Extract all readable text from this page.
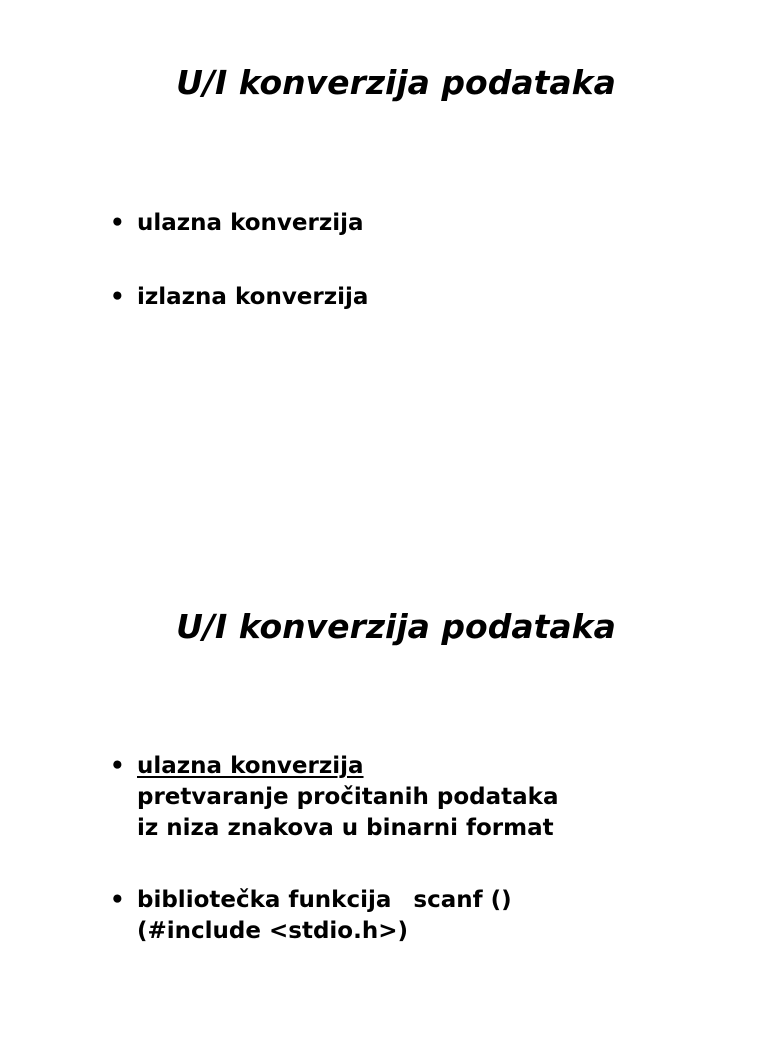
U/I konverzija podataka
• ulazna konverzija
• izlazna konverzija
U/I konverzija podataka
• ulazna konverzija
pretvaranje pročitanih podataka
iz niza znakova u binarni format
• bibliotečka funkcija scanf ()
(#include <stdio.h>)
